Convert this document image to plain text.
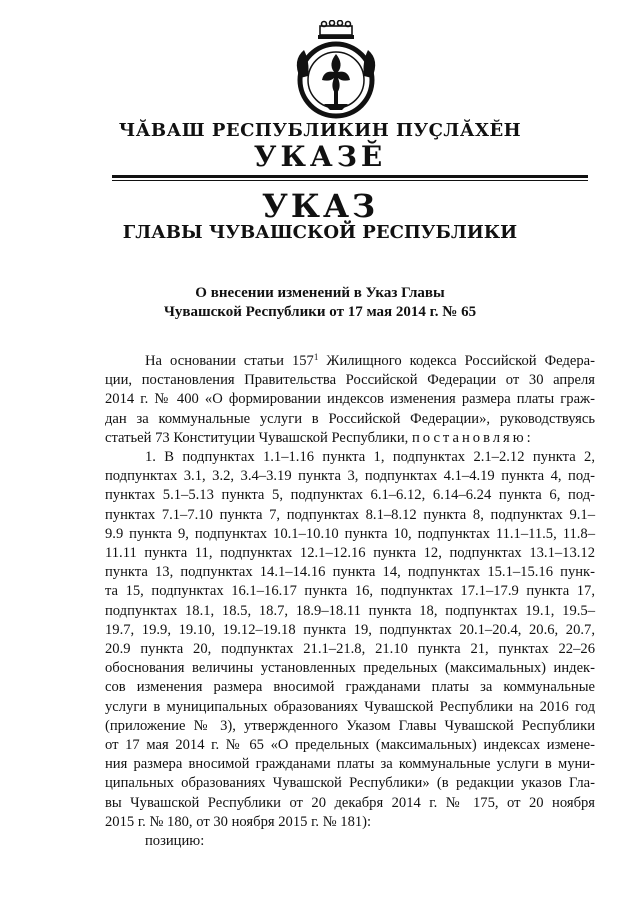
ЧӐВАШ РЕСПУБЛИКИН ПУҪЛӐХӖН
УКАЗӖ
УКАЗ
ГЛАВЫ ЧУВАШСКОЙ РЕСПУБЛИКИ
О внесении изменений в Указ Главы
Чувашской Республики от 17 мая 2014 г. № 65
На основании статьи $157^1$ Жилищного кодекса Российской Федера-
ции, постановления Правительства Российской Федерации от 30 апреля
2014 г. № 400 «О формировании индексов изменения размера платы граж-
дан за коммунальные услуги в Российской Федерации», руководствуясь
статьей 73 Конституции Чувашской Республики, постановляю:
1. В подпунктах 1.1–1.16 пункта 1, подпунктах 2.1–2.12 пункта 2,
подпунктах 3.1, 3.2, 3.4–3.19 пункта 3, подпунктах 4.1–4.19 пункта 4, под-
пунктах 5.1–5.13 пункта 5, подпунктах 6.1–6.12, 6.14–6.24 пункта 6, под-
пунктах 7.1–7.10 пункта 7, подпунктах 8.1–8.12 пункта 8, подпунктах 9.1–
9.9 пункта 9, подпунктах 10.1–10.10 пункта 10, подпунктах 11.1–11.5, 11.8–
11.11 пункта 11, подпунктах 12.1–12.16 пункта 12, подпунктах 13.1–13.12
пункта 13, подпунктах 14.1–14.16 пункта 14, подпунктах 15.1–15.16 пунк-
та 15, подпунктах 16.1–16.17 пункта 16, подпунктах 17.1–17.9 пункта 17,
подпунктах 18.1, 18.5, 18.7, 18.9–18.11 пункта 18, подпунктах 19.1, 19.5–
19.7, 19.9, 19.10, 19.12–19.18 пункта 19, подпунктах 20.1–20.4, 20.6, 20.7,
20.9 пункта 20, подпунктах 21.1–21.8, 21.10 пункта 21, пунктах 22–26
обоснования величины установленных предельных (максимальных) индек-
сов изменения размера вносимой гражданами платы за коммунальные
услуги в муниципальных образованиях Чувашской Республики на 2016 год
(приложение № 3), утвержденного Указом Главы Чувашской Республики
от 17 мая 2014 г. № 65 «О предельных (максимальных) индексах измене-
ния размера вносимой гражданами платы за коммунальные услуги в муни-
ципальных образованиях Чувашской Республики» (в редакции указов Гла-
вы Чувашской Республики от 20 декабря 2014 г. № 175, от 20 ноября
2015 г. № 180, от 30 ноября 2015 г. № 181):
позицию:
